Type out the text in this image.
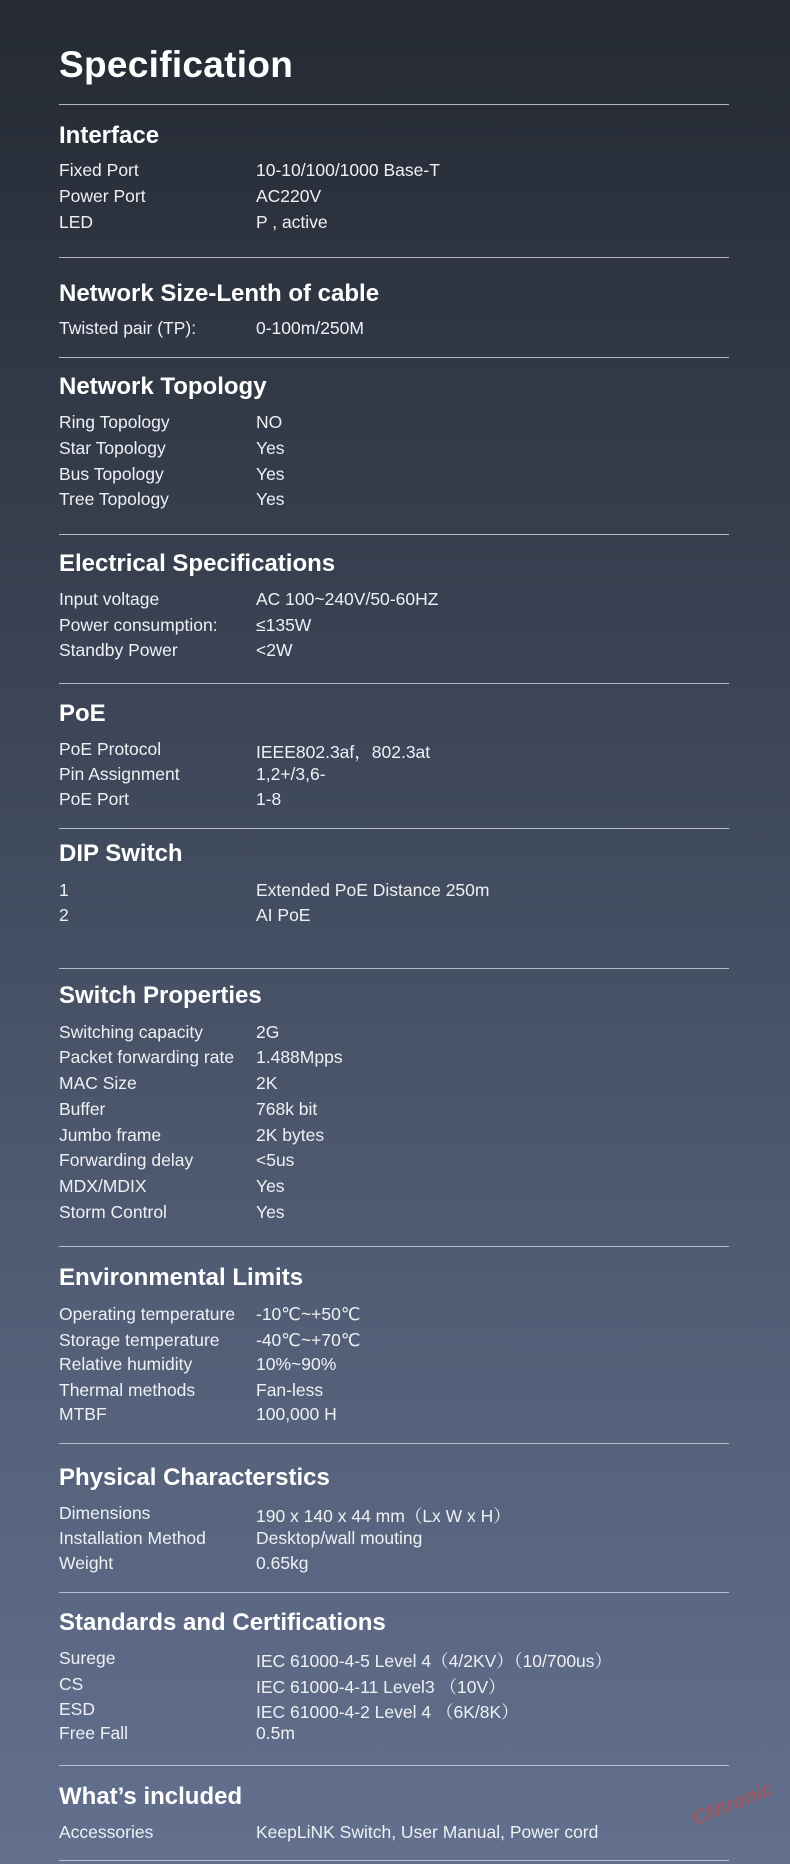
Specification
CNtronic
Interface
Fixed Port	10-10/100/1000 Base-T
Power Port	AC220V
LED	P , active
Network Size-Lenth of cable
Twisted pair (TP):	0-100m/250M
Network Topology
Ring Topology	NO
Star Topology	Yes
Bus Topology	Yes
Tree Topology	Yes
Electrical Specifications
Input voltage	AC 100~240V/50-60HZ
Power consumption: ≤135W
Standby Power	<2W
PoE
PoE Protocol	IEEE802.3af，802.3at
Pin Assignment	1,2+/3,6-
PoE Port	1-8
DIP Switch
1	Extended PoE Distance 250m
2	AI PoE
Switch Properties
Switching capacity	2G
Packet forwarding rate 1.488Mpps
MAC Size	2K
Buffer	768k bit
Jumbo frame	2K bytes
Forwarding delay	<5us
MDX/MDIX	Yes
Storm Control	Yes
Environmental Limits
Operating temperature -10℃~+50℃
Storage temperature -40℃~+70℃
Relative humidity	10%~90%
Thermal methods	Fan-less
MTBF	100,000 H
Physical Characterstics
Dimensions	190 x 140 x 44 mm（Lx W x H）
Installation Method	Desktop/wall mouting
Weight	0.65kg
Standards and Certifications
Surege	IEC 61000-4-5 Level 4（4/2KV）（10/700us）
CS	IEC 61000-4-11 Level3 （10V）
ESD	IEC 61000-4-2 Level 4 （6K/8K）
Free Fall	0.5m
What’s included
Accessories	KeepLiNK Switch, User Manual, Power cord
